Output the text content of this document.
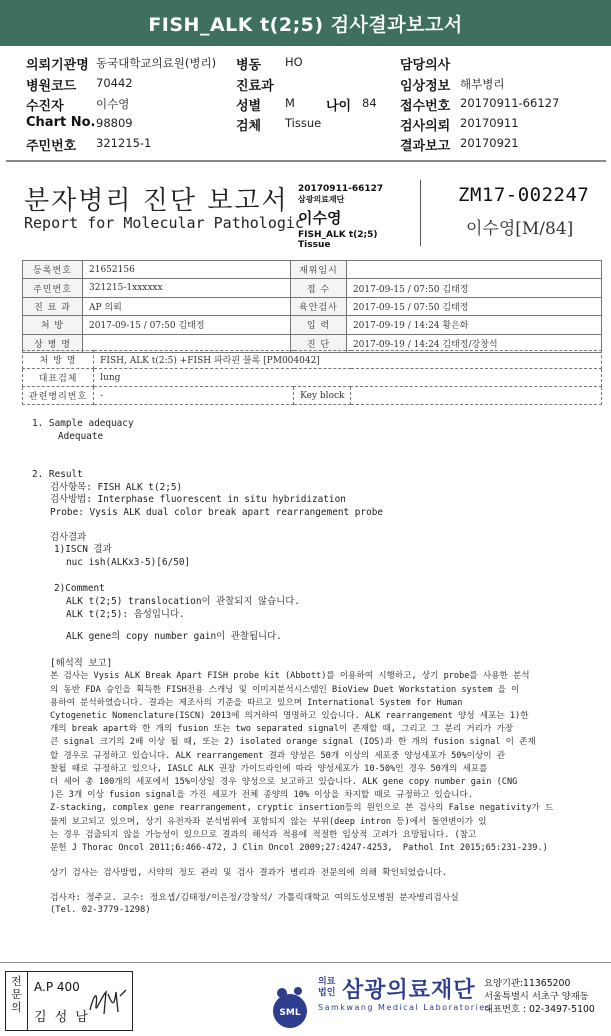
FISH_ALK t(2;5) 검사결과보고서
의뢰기관명 동국대학교의료원(병리) 병동 HO	담당의사
병원코드 70442	진료과	임상정보 해부병리
수진자	이수영	성별 M 나이 84 접수번호 20170911-66127
Chart No. 98809	검체 Tissue	검사의뢰 20170911
주민번호 321215-1	결과보고 20170921
분자병리 진단 보고서
Report for Molecular Pathologic
20170911-66127
삼광의료재단
이수영
FISH_ALK t(2;5)
Tissue
ZM17-002247
이수영[M/84]
등록번호	21652156	재위임시	
주민번호	321215-1xxxxxx	접 수	2017-09-15 / 07:50 김태정
진 료 과	AP 의뢰	육안검사	2017-09-15 / 07:50 김태정
처 방	2017-09-15 / 07:50 김태정	입 력	2017-09-19 / 14:24 황은화
상 병 명		진 단	2017-09-19 / 14:24 김태정/강창석
처 방 명	FISH, ALK t(2:5) +FISH 파라핀 블록 [PM004042]		
대표검체	lung		
관련병리번호	-	Key block	
1. Sample adequacy
Adequate
2. Result
검사항목: FISH ALK t(2;5)
검사방법: Interphase fluorescent in situ hybridization
Probe: Vysis ALK dual color break apart rearrangement probe
검사결과
1)ISCN 결과
nuc ish(ALKx3-5)[6/50]
2)Comment
ALK t(2;5) translocation이 관찰되지 않습니다.
ALK t(2;5): 음성입니다.
ALK gene의 copy number gain이 관찰됩니다.
[해석적 보고]
본 검사는 Vysis ALK Break Apart FISH probe kit (Abbott)를 이용하여 시행하고, 상기 probe를 사용한 분석
의 동반 FDA 승인을 획득한 FISH전용 스캐닝 및 이미지분석시스템인 BioView Duet Workstation system 을 이
용하여 분석하였습니다. 결과는 제조사의 기준을 따르고 있으며 International System for Human
Cytogenetic Nomenclature(ISCN) 2013에 의거하여 명명하고 있습니다. ALK rearrangement 양성 세포는 1)한
개의 break apart와 한 개의 fusion 또는 two separated signal이 존재할 때, 그리고 그 분리 거리가 가장
큰 signal 크기의 2배 이상 될 때, 또는 2) isolated orange signal (IOS)과 한 개의 fusion signal 이 존재
할 경우로 규정하고 있습니다. ALK rearrangement 결과 양성은 50개 이상의 세포중 양성세포가 50%이상이 관
찰될 때로 규정하고 있으나, IASLC ALK 권장 가이드라인에 따라 양성세포가 10-50%인 경우 50개의 세포를
더 세어 총 100개의 세포에서 15%이상일 경우 양성으로 보고하고 있습니다. ALK gene copy number gain (CNG
)은 3개 이상 fusion signal을 가진 세포가 전체 종양의 10% 이상을 차지할 때로 규정하고 있습니다.
Z-stacking, complex gene rearrangement, cryptic insertion등의 원인으로 본 검사의 False negativity가 드
물게 보고되고 있으며, 상기 유전자좌 분석범위에 포함되지 않는 부위(deep intron 등)에서 돌연변이가 있
는 경우 검출되지 않을 가능성이 있으므로 결과의 해석과 적용에 적절한 임상적 고려가 요망됩니다. (참고
문헌 J Thorac Oncol 2011;6:466-472, J Clin Oncol 2009;27:4247-4253,  Pathol Int 2015;65:231-239.)
상기 검사는 검사방법, 시약의 정도 관리 및 검사 결과가 병리과 전문의에 의해 확인되었습니다.
검사자: 정주교. 교수: 정요셉/김태정/이은정/강창석/ 가톨릭대학교 여의도성모병원 분자병리검사실
(Tel. 02-3779-1298)
전
문
의
A.P 400
김 성 남	SML
의료
법인 삼광의료재단
Samkwang Medical Laboratories
요양기관:11365200
서울특별시 서초구 양재동
대표번호 : 02-3497-5100
